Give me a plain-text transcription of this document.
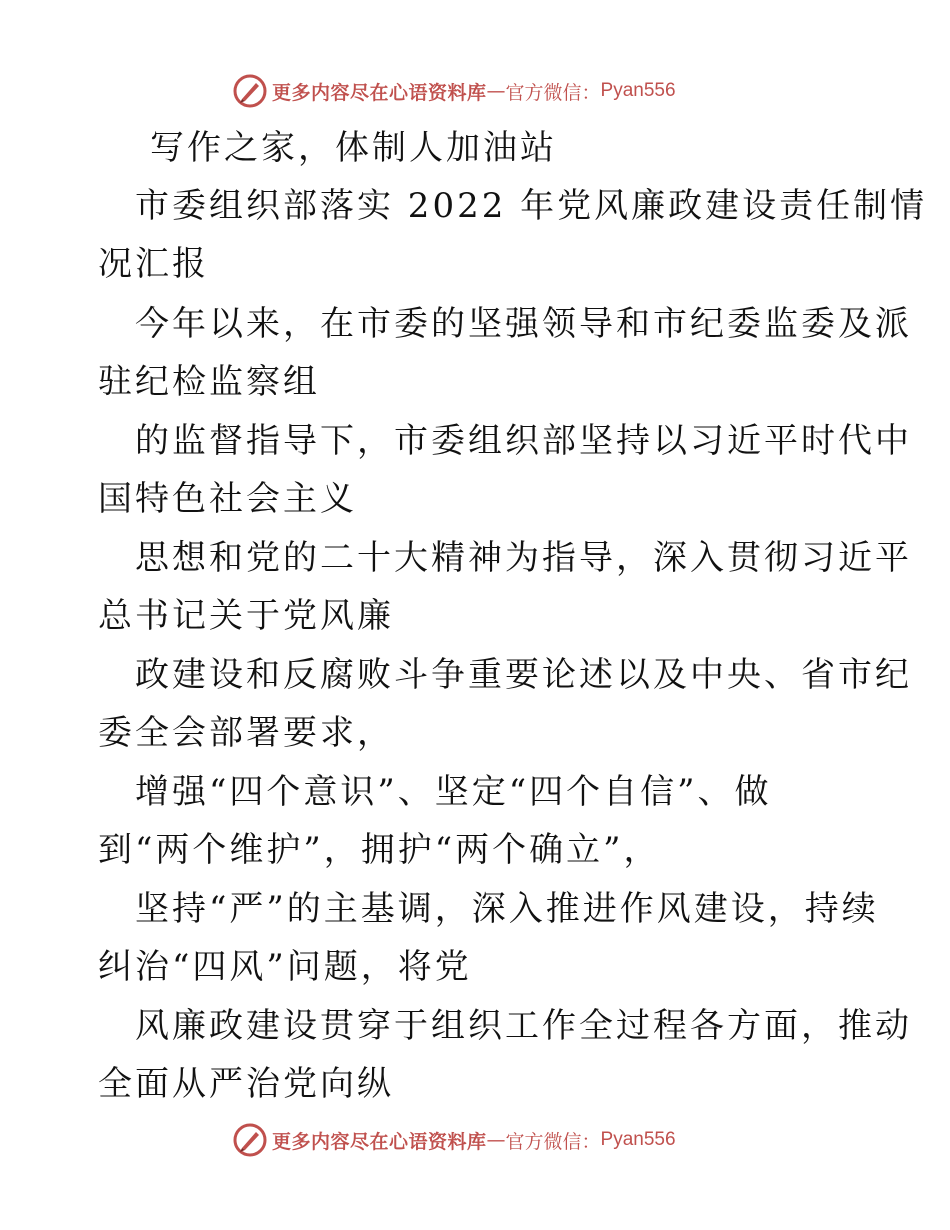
更多内容尽在心语资料库 — 官方微信： Pyan556
写作之家，体制人加油站
市委组织部落实 2022 年党风廉政建设责任制情
况汇报
今年以来，在市委的坚强领导和市纪委监委及派
驻纪检监察组
的监督指导下，市委组织部坚持以习近平时代中
国特色社会主义
思想和党的二十大精神为指导，深入贯彻习近平
总书记关于党风廉
政建设和反腐败斗争重要论述以及中央、省市纪
委全会部署要求，
增强“四个意识”、坚定“四个自信”、做
到“两个维护”，拥护“两个确立”，
坚持“严”的主基调，深入推进作风建设，持续
纠治“四风”问题，将党
风廉政建设贯穿于组织工作全过程各方面，推动
全面从严治党向纵
更多内容尽在心语资料库 — 官方微信： Pyan556
